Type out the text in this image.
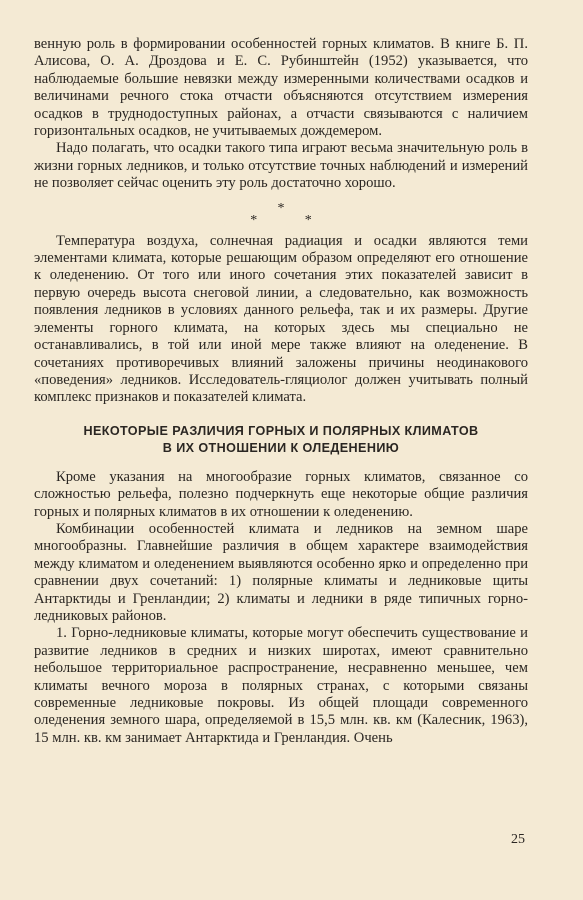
венную роль в формировании особенностей горных климатов. В книге Б. П. Алисова, О. А. Дроздова и Е. С. Рубинштейн (1952) указывается, что наблюдаемые большие невязки между измеренными количествами осадков и величинами речного стока отчасти объясняются отсутствием измерения осадков в труднодоступных районах, а отчасти связываются с наличием горизонтальных осадков, не учитываемых дождемером.

Надо полагать, что осадки такого типа играют весьма значительную роль в жизни горных ледников, и только отсутствие точных наблюдений и измерений не позволяет сейчас оценить эту роль достаточно хорошо.

*
* *

Температура воздуха, солнечная радиация и осадки являются теми элементами климата, которые решающим образом определяют его отношение к оледенению. От того или иного сочетания этих показателей зависит в первую очередь высота снеговой линии, а следовательно, как возможность появления ледников в условиях данного рельефа, так и их размеры. Другие элементы горного климата, на которых здесь мы специально не останавливались, в той или иной мере также влияют на оледенение. В сочетаниях противоречивых влияний заложены причины неодинакового «поведения» ледников. Исследователь-гляциолог должен учитывать полный комплекс признаков и показателей климата.

НЕКОТОРЫЕ РАЗЛИЧИЯ ГОРНЫХ И ПОЛЯРНЫХ КЛИМАТОВ
В ИХ ОТНОШЕНИИ К ОЛЕДЕНЕНИЮ

Кроме указания на многообразие горных климатов, связанное со сложностью рельефа, полезно подчеркнуть еще некоторые общие различия горных и полярных климатов в их отношении к оледенению.

Комбинации особенностей климата и ледников на земном шаре многообразны. Главнейшие различия в общем характере взаимодействия между климатом и оледенением выявляются особенно ярко и определенно при сравнении двух сочетаний: 1) полярные климаты и ледниковые щиты Антарктиды и Гренландии; 2) климаты и ледники в ряде типичных горно-ледниковых районов.

1. Горно-ледниковые климаты, которые могут обеспечить существование и развитие ледников в средних и низких широтах, имеют сравнительно небольшое территориальное распространение, несравненно меньшее, чем климаты вечного мороза в полярных странах, с которыми связаны современные ледниковые покровы. Из общей площади современного оледенения земного шара, определяемой в 15,5 млн. кв. км (Калесник, 1963), 15 млн. кв. км занимает Антарктида и Гренландия. Очень

25
